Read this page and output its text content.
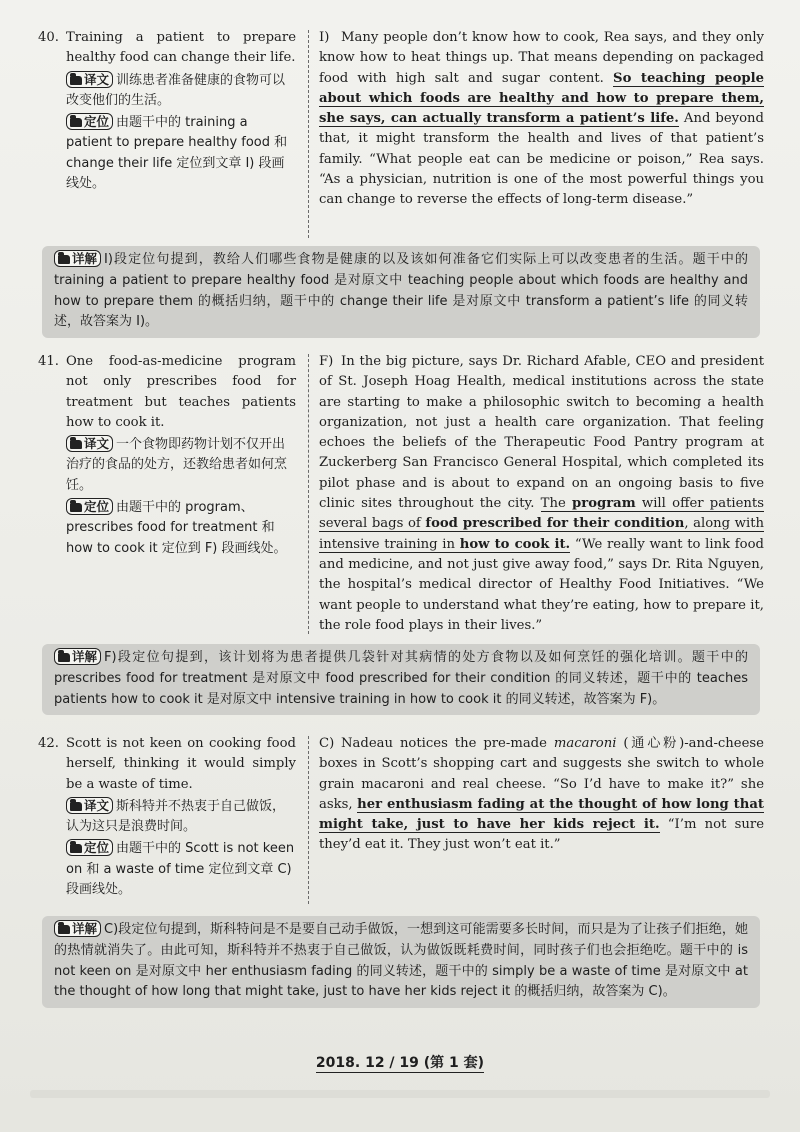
40. Training a patient to prepare healthy food can change their life.
译文 训练患者准备健康的食物可以改变他们的生活。
定位 由题干中的 training a patient to prepare healthy food 和 change their life 定位到文章 I) 段画线处。
I) Many people don’t know how to cook, Rea says, and they only know how to heat things up. That means depending on packaged food with high salt and sugar content. So teaching people about which foods are healthy and how to prepare them, she says, can actually transform a patient’s life. And beyond that, it might transform the health and lives of that patient’s family. “What people eat can be medicine or poison,” Rea says. “As a physician, nutrition is one of the most powerful things you can change to reverse the effects of long-term disease.”
详解 I)段定位句提到，教给人们哪些食物是健康的以及该如何准备它们实际上可以改变患者的生活。题干中的 training a patient to prepare healthy food 是对原文中 teaching people about which foods are healthy and how to prepare them 的概括归纳，题干中的 change their life 是对原文中 transform a patient’s life 的同义转述，故答案为 I)。
41. One food-as-medicine program not only prescribes food for treatment but teaches patients how to cook it.
译文 一个食物即药物计划不仅开出治疗的食品的处方，还教给患者如何烹饪。
定位 由题干中的 program、prescribes food for treatment 和 how to cook it 定位到 F) 段画线处。
F) In the big picture, says Dr. Richard Afable, CEO and president of St. Joseph Hoag Health, medical institutions across the state are starting to make a philosophic switch to becoming a health organization, not just a health care organization. That feeling echoes the beliefs of the Therapeutic Food Pantry program at Zuckerberg San Francisco General Hospital, which completed its pilot phase and is about to expand on an ongoing basis to five clinic sites throughout the city. The program will offer patients several bags of food prescribed for their condition, along with intensive training in how to cook it. “We really want to link food and medicine, and not just give away food,” says Dr. Rita Nguyen, the hospital’s medical director of Healthy Food Initiatives. “We want people to understand what they’re eating, how to prepare it, the role food plays in their lives.”
详解 F)段定位句提到，该计划将为患者提供几袋针对其病情的处方食物以及如何烹饪的强化培训。题干中的 prescribes food for treatment 是对原文中 food prescribed for their condition 的同义转述，题干中的 teaches patients how to cook it 是对原文中 intensive training in how to cook it 的同义转述，故答案为 F)。
42. Scott is not keen on cooking food herself, thinking it would simply be a waste of time.
译文 斯科特并不热衷于自己做饭，认为这只是浪费时间。
定位 由题干中的 Scott is not keen on 和 a waste of time 定位到文章 C) 段画线处。
C) Nadeau notices the pre-made macaroni (通心粉)-and-cheese boxes in Scott’s shopping cart and suggests she switch to whole grain macaroni and real cheese. “So I’d have to make it?” she asks, her enthusiasm fading at the thought of how long that might take, just to have her kids reject it. “I’m not sure they’d eat it. They just won’t eat it.”
详解 C)段定位句提到，斯科特问是不是要自己动手做饭，一想到这可能需要多长时间，而只是为了让孩子们拒绝，她的热情就消失了。由此可知，斯科特并不热衷于自己做饭，认为做饭既耗费时间，同时孩子们也会拒绝吃。题干中的 is not keen on 是对原文中 her enthusiasm fading 的同义转述，题干中的 simply be a waste of time 是对原文中 at the thought of how long that might take, just to have her kids reject it 的概括归纳，故答案为 C)。
2018. 12 / 19 (第 1 套)
